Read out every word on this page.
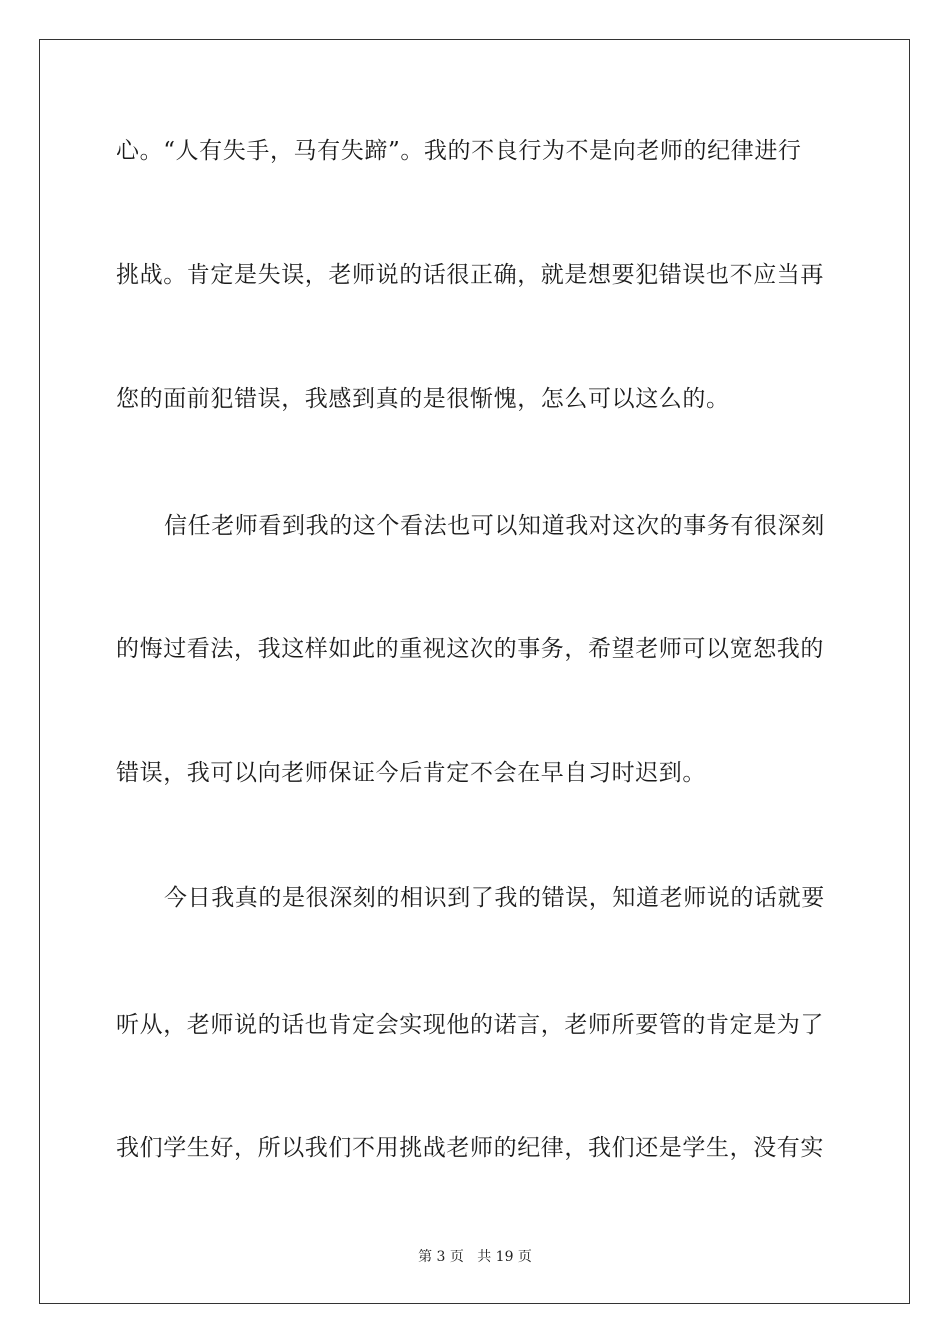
心。“人有失手，马有失蹄”。我的不良行为不是向老师的纪律进行
挑战。肯定是失误，老师说的话很正确，就是想要犯错误也不应当再
您的面前犯错误，我感到真的是很惭愧，怎么可以这么的。
信任老师看到我的这个看法也可以知道我对这次的事务有很深刻
的悔过看法，我这样如此的重视这次的事务，希望老师可以宽恕我的
错误，我可以向老师保证今后肯定不会在早自习时迟到。
今日我真的是很深刻的相识到了我的错误，知道老师说的话就要
听从，老师说的话也肯定会实现他的诺言，老师所要管的肯定是为了
我们学生好，所以我们不用挑战老师的纪律，我们还是学生，没有实
第 3 页   共 19 页
